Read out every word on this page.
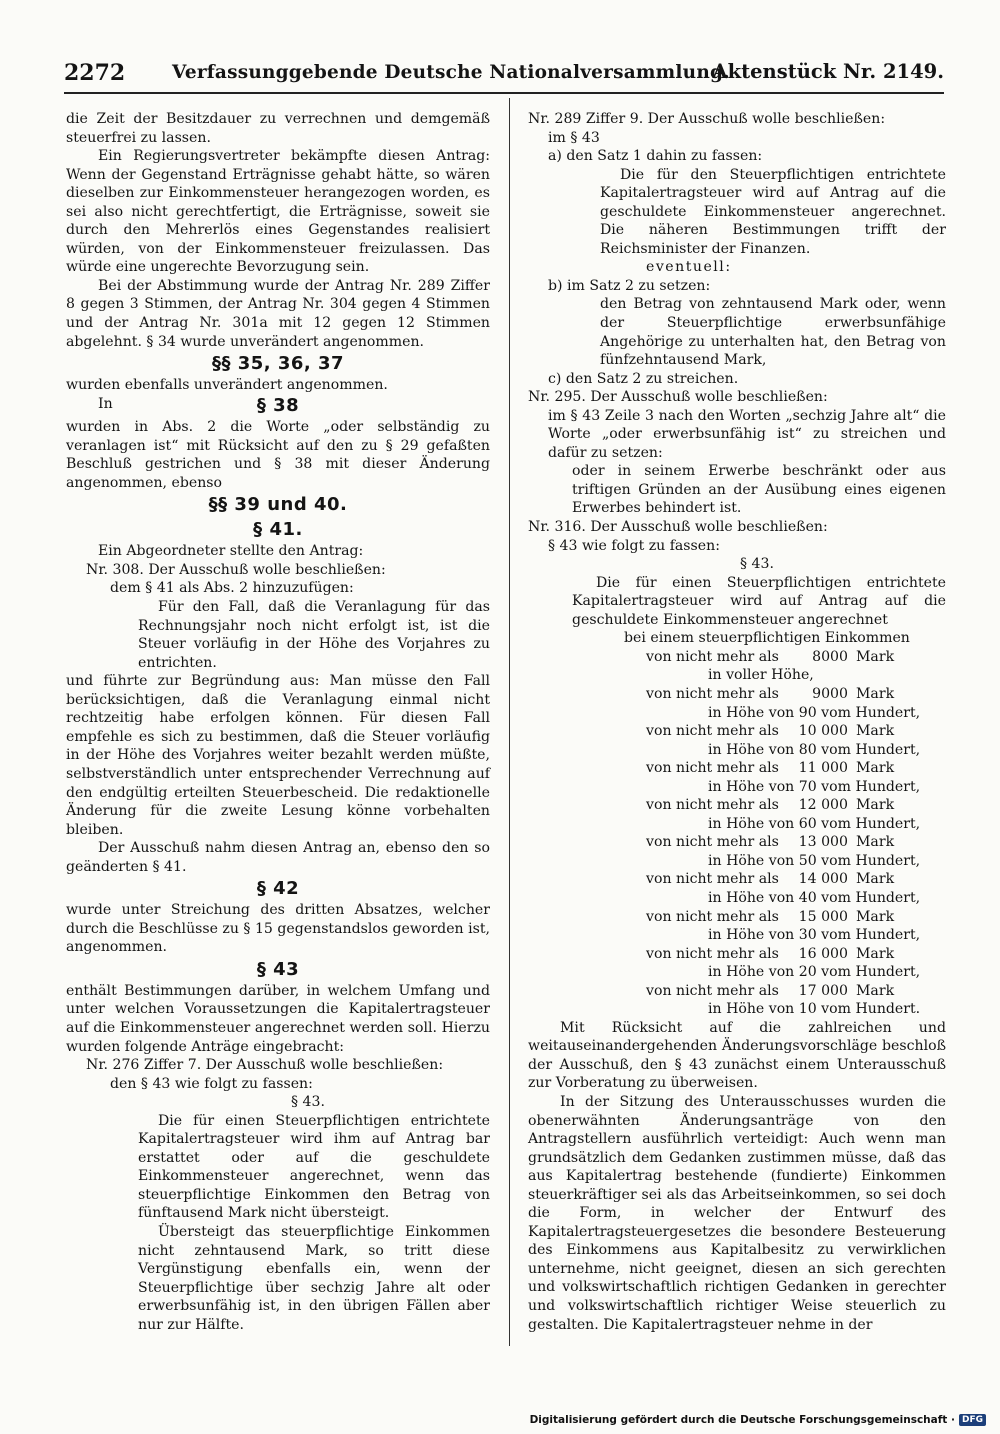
2272	Verfassunggebende Deutsche Nationalversammlung.
Aktenstück Nr. 2149.

die Zeit der Besitzdauer zu verrechnen und demgemäß steuerfrei zu lassen.

Ein Regierungsvertreter bekämpfte diesen Antrag: Wenn der Gegenstand Erträgnisse gehabt hätte, so wären dieselben zur Einkommensteuer herangezogen worden, es sei also nicht gerechtfertigt, die Erträgnisse, soweit sie durch den Mehrerlös eines Gegenstandes realisiert würden, von der Einkommensteuer freizulassen. Das würde eine ungerechte Bevorzugung sein.

Bei der Abstimmung wurde der Antrag Nr. 289 Ziffer 8 gegen 3 Stimmen, der Antrag Nr. 304 gegen 4 Stimmen und der Antrag Nr. 301a mit 12 gegen 12 Stimmen abgelehnt. § 34 wurde unverändert angenommen.

§§ 35, 36, 37

wurden ebenfalls unverändert angenommen.

In	§ 38

wurden in Abs. 2 die Worte „oder selbständig zu veranlagen ist“ mit Rücksicht auf den zu § 29 gefaßten Beschluß gestrichen und § 38 mit dieser Änderung angenommen, ebenso

§§ 39 und 40.

§ 41.

Ein Abgeordneter stellte den Antrag:

Nr. 308. Der Ausschuß wolle beschließen:

dem § 41 als Abs. 2 hinzuzufügen:

Für den Fall, daß die Veranlagung für das Rechnungsjahr noch nicht erfolgt ist, ist die Steuer vorläufig in der Höhe des Vorjahres zu entrichten.

und führte zur Begründung aus: Man müsse den Fall berücksichtigen, daß die Veranlagung einmal nicht rechtzeitig habe erfolgen können. Für diesen Fall empfehle es sich zu bestimmen, daß die Steuer vorläufig in der Höhe des Vorjahres weiter bezahlt werden müßte, selbstverständlich unter entsprechender Verrechnung auf den endgültig erteilten Steuerbescheid. Die redaktionelle Änderung für die zweite Lesung könne vorbehalten bleiben.

Der Ausschuß nahm diesen Antrag an, ebenso den so geänderten § 41.

§ 42

wurde unter Streichung des dritten Absatzes, welcher durch die Beschlüsse zu § 15 gegenstandslos geworden ist, angenommen.

§ 43

enthält Bestimmungen darüber, in welchem Umfang und unter welchen Voraussetzungen die Kapitalertragsteuer auf die Einkommensteuer angerechnet werden soll. Hierzu wurden folgende Anträge eingebracht:

Nr. 276 Ziffer 7. Der Ausschuß wolle beschließen:

den § 43 wie folgt zu fassen:

§ 43.

Die für einen Steuerpflichtigen entrichtete Kapitalertragsteuer wird ihm auf Antrag bar erstattet oder auf die geschuldete Einkommensteuer angerechnet, wenn das steuerpflichtige Einkommen den Betrag von fünftausend Mark nicht übersteigt.

Übersteigt das steuerpflichtige Einkommen nicht zehntausend Mark, so tritt diese Vergünstigung ebenfalls ein, wenn der Steuerpflichtige über sechzig Jahre alt oder erwerbsunfähig ist, in den übrigen Fällen aber nur zur Hälfte.

Nr. 289 Ziffer 9. Der Ausschuß wolle beschließen:

im § 43

a) den Satz 1 dahin zu fassen:

Die für den Steuerpflichtigen entrichtete Kapitalertragsteuer wird auf Antrag auf die geschuldete Einkommensteuer angerechnet. Die näheren Bestimmungen trifft der Reichsminister der Finanzen.

eventuell:

b) im Satz 2 zu setzen:

den Betrag von zehntausend Mark oder, wenn der Steuerpflichtige erwerbsunfähige Angehörige zu unterhalten hat, den Betrag von fünfzehntausend Mark,

c) den Satz 2 zu streichen.

Nr. 295. Der Ausschuß wolle beschließen:

im § 43 Zeile 3 nach den Worten „sechzig Jahre alt“ die Worte „oder erwerbsunfähig ist“ zu streichen und dafür zu setzen:

oder in seinem Erwerbe beschränkt oder aus triftigen Gründen an der Ausübung eines eigenen Erwerbes behindert ist.

Nr. 316. Der Ausschuß wolle beschließen:

§ 43 wie folgt zu fassen:

§ 43.

Die für einen Steuerpflichtigen entrichtete Kapitalertragsteuer wird auf Antrag auf die geschuldete Einkommensteuer angerechnet

bei einem steuerpflichtigen Einkommen

von nicht mehr als	8000 Mark
in voller Höhe,
von nicht mehr als	9000 Mark
in Höhe von 90 vom Hundert,
von nicht mehr als	10 000 Mark
in Höhe von 80 vom Hundert,
von nicht mehr als	11 000 Mark
in Höhe von 70 vom Hundert,
von nicht mehr als	12 000 Mark
in Höhe von 60 vom Hundert,
von nicht mehr als	13 000 Mark
in Höhe von 50 vom Hundert,
von nicht mehr als	14 000 Mark
in Höhe von 40 vom Hundert,
von nicht mehr als	15 000 Mark
in Höhe von 30 vom Hundert,
von nicht mehr als	16 000 Mark
in Höhe von 20 vom Hundert,
von nicht mehr als	17 000 Mark
in Höhe von 10 vom Hundert.

Mit Rücksicht auf die zahlreichen und weitauseinandergehenden Änderungsvorschläge beschloß der Ausschuß, den § 43 zunächst einem Unterausschuß zur Vorberatung zu überweisen.

In der Sitzung des Unterausschusses wurden die obenerwähnten Änderungsanträge von den Antragstellern ausführlich verteidigt: Auch wenn man grundsätzlich dem Gedanken zustimmen müsse, daß das aus Kapitalertrag bestehende (fundierte) Einkommen steuerkräftiger sei als das Arbeitseinkommen, so sei doch die Form, in welcher der Entwurf des Kapitalertragsteuergesetzes die besondere Besteuerung des Einkommens aus Kapitalbesitz zu verwirklichen unternehme, nicht geeignet, diesen an sich gerechten und volkswirtschaftlich richtigen Gedanken in gerechter und volkswirtschaftlich richtiger Weise steuerlich zu gestalten. Die Kapitalertragsteuer nehme in der

Digitalisierung gefördert durch die Deutsche Forschungsgemeinschaft · DFG
